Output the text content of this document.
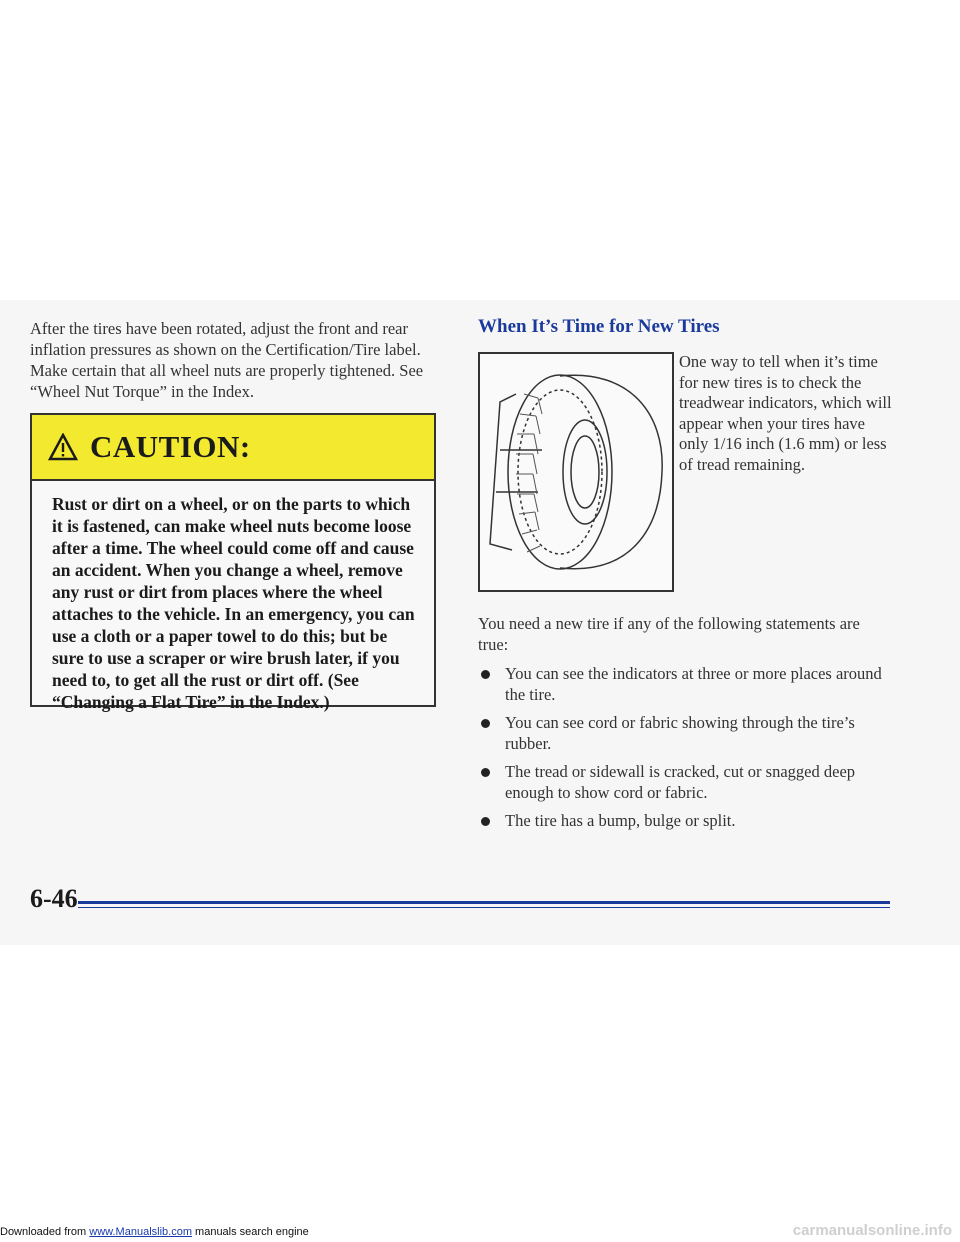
After the tires have been rotated, adjust the front and rear inflation pressures as shown on the Certification/Tire label. Make certain that all wheel nuts are properly tightened. See “Wheel Nut Torque” in the Index.

CAUTION:

Rust or dirt on a wheel, or on the parts to which it is fastened, can make wheel nuts become loose after a time. The wheel could come off and cause an accident. When you change a wheel, remove any rust or dirt from places where the wheel attaches to the vehicle. In an emergency, you can use a cloth or a paper towel to do this; but be sure to use a scraper or wire brush later, if you need to, to get all the rust or dirt off. (See “Changing a Flat Tire” in the Index.)

When It’s Time for New Tires

One way to tell when it’s time for new tires is to check the treadwear indicators, which will appear when your tires have only 1/16 inch (1.6 mm) or less of tread remaining.

You need a new tire if any of the following statements are true:

You can see the indicators at three or more places around the tire.
You can see cord or fabric showing through the tire’s rubber.
The tread or sidewall is cracked, cut or snagged deep enough to show cord or fabric.
The tire has a bump, bulge or split.
6-46
Downloaded from www.Manualslib.com manuals search engine	carmanualsonline.info
